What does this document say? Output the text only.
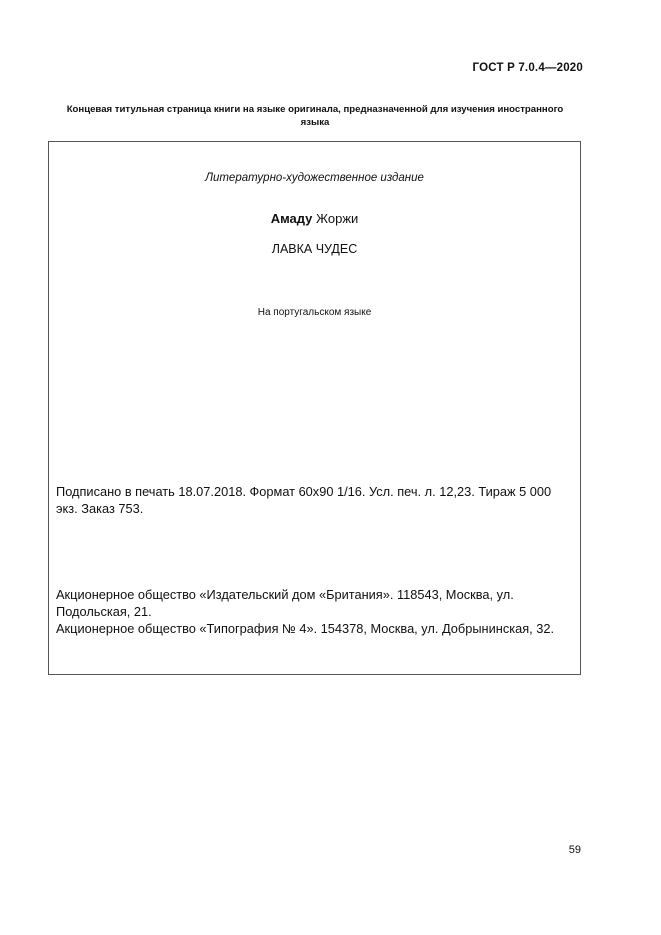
ГОСТ Р 7.0.4—2020
Концевая титульная страница книги на языке оригинала, предназначенной для изучения иностранного языка
Литературно-художественное издание
Амаду Жоржи
ЛАВКА ЧУДЕС
На португальском языке
Подписано в печать 18.07.2018. Формат 60x90 1/16. Усл. печ. л. 12,23. Тираж 5 000 экз. Заказ 753.
Акционерное общество «Издательский дом «Британия». 118543, Москва, ул. Подольская, 21.
Акционерное общество «Типография № 4». 154378, Москва, ул. Добрынинская, 32.
59
